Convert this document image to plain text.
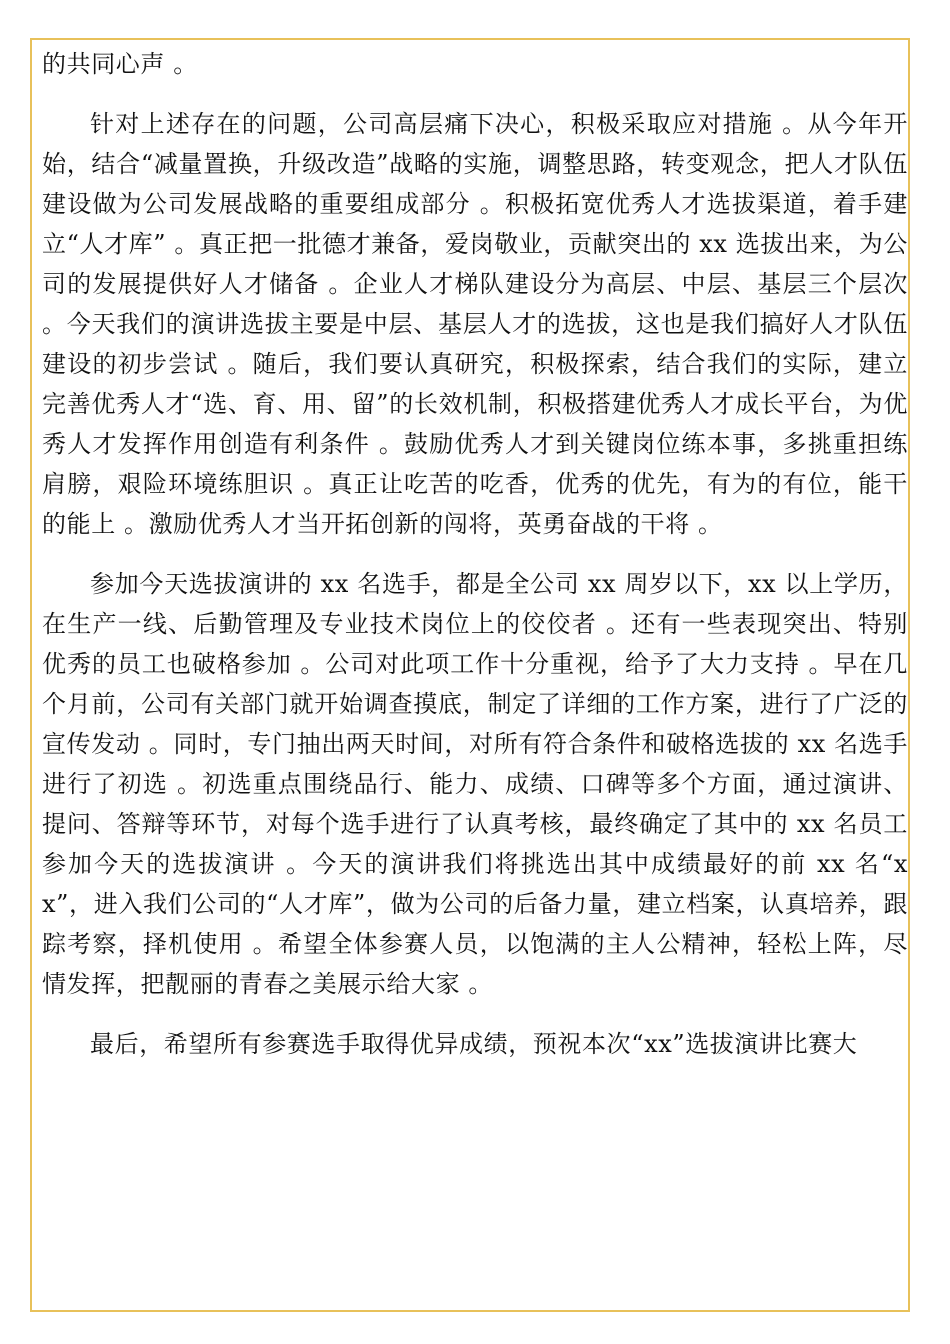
的共同心声 。

针对上述存在的问题，公司高层痛下决心，积极采取应对措施 。从今年开始，结合“减量置换，升级改造”战略的实施，调整思路，转变观念，把人才队伍建设做为公司发展战略的重要组成部分 。积极拓宽优秀人才选拔渠道，着手建立“人才库” 。真正把一批德才兼备，爱岗敬业，贡献突出的 xx 选拔出来，为公司的发展提供好人才储备 。企业人才梯队建设分为高层、中层、基层三个层次 。今天我们的演讲选拔主要是中层、基层人才的选拔，这也是我们搞好人才队伍建设的初步尝试 。随后，我们要认真研究，积极探索，结合我们的实际，建立完善优秀人才“选、育、用、留”的长效机制，积极搭建优秀人才成长平台，为优秀人才发挥作用创造有利条件 。鼓励优秀人才到关键岗位练本事，多挑重担练肩膀，艰险环境练胆识 。真正让吃苦的吃香，优秀的优先，有为的有位，能干的能上 。激励优秀人才当开拓创新的闯将，英勇奋战的干将 。

参加今天选拔演讲的 xx 名选手，都是全公司 xx 周岁以下，xx 以上学历，在生产一线、后勤管理及专业技术岗位上的佼佼者 。还有一些表现突出、特别优秀的员工也破格参加 。公司对此项工作十分重视，给予了大力支持 。早在几个月前，公司有关部门就开始调查摸底，制定了详细的工作方案，进行了广泛的宣传发动 。同时，专门抽出两天时间，对所有符合条件和破格选拔的 xx 名选手进行了初选 。初选重点围绕品行、能力、成绩、口碑等多个方面，通过演讲、提问、答辩等环节，对每个选手进行了认真考核，最终确定了其中的 xx 名员工参加今天的选拔演讲 。今天的演讲我们将挑选出其中成绩最好的前 xx 名“xx”，进入我们公司的“人才库”，做为公司的后备力量，建立档案，认真培养，跟踪考察，择机使用 。希望全体参赛人员，以饱满的主人公精神，轻松上阵，尽情发挥，把靓丽的青春之美展示给大家 。

最后，希望所有参赛选手取得优异成绩，预祝本次“xx”选拔演讲比赛大
